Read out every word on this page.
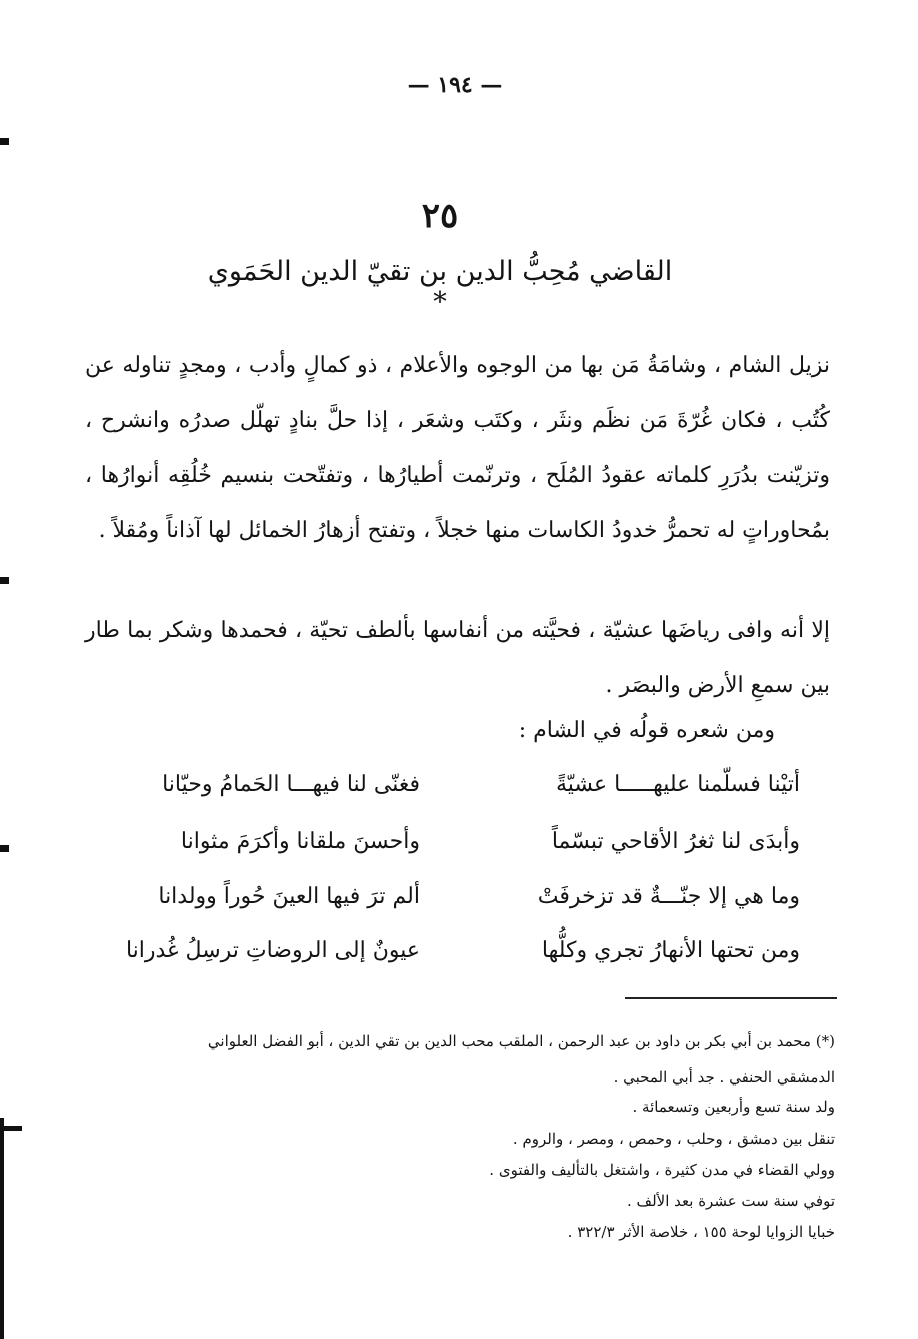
— ١٩٤ —
٢٥
القاضي مُحِبُّ الدين بن تقيّ الدين الحَمَوي *
نزيل الشام ، وشامَةُ مَن بها من الوجوه والأعلام ، ذو كمالٍ وأدب ، ومجدٍ تناوله عن كُتُب ، فكان غُرّةَ مَن نظَم ونثَر ، وكتَب وشعَر ، إذا حلَّ بنادٍ تهلّل صدرُه وانشرح ، وتزيّنت بدُرَرِ كلماته عقودُ المُلَح ، وترنّمت أطيارُها ، وتفتّحت بنسيم خُلُقِه أنوارُها ، بمُحاوراتٍ له تحمرُّ خدودُ الكاسات منها خجلاً ، وتفتح أزهارُ الخمائل لها آذاناً ومُقلاً .
إلا أنه وافى رياضَها عشيّة ، فحيَّته من أنفاسها بألطف تحيّة ، فحمدها وشكر بما طار بين سمعِ الأرض والبصَر .
ومن شعره قولُه في الشام :
أتيْنا فسلّمنا عليهـــــا عشيّةً
فغنّى لنا فيهـــا الحَمامُ وحيّانا
وأبدَى لنا ثغرُ الأقاحي تبسّماً
وأحسنَ ملقانا وأكرَمَ مثوانا
وما هي إلا جنّـــةٌ قد تزخرفَتْ
ألم ترَ فيها العينَ حُوراً وولدانا
ومن تحتها الأنهارُ تجري وكلُّها
عيونٌ إلى الروضاتِ ترسِلُ غُدرانا
(*) محمد بن أبي بكر بن داود بن عبد الرحمن ، الملقب محب الدين بن تقي الدين ، أبو الفضل العلواني
الدمشقي الحنفي . جد أبي المحبي .
ولد سنة تسع وأربعين وتسعمائة .
تنقل بين دمشق ، وحلب ، وحمص ، ومصر ، والروم .
وولي القضاء في مدن كثيرة ، واشتغل بالتأليف والفتوى .
توفي سنة ست عشرة بعد الألف .
خبايا الزوايا لوحة ١٥٥ ، خلاصة الأثر ٣٢٢/٣ .
